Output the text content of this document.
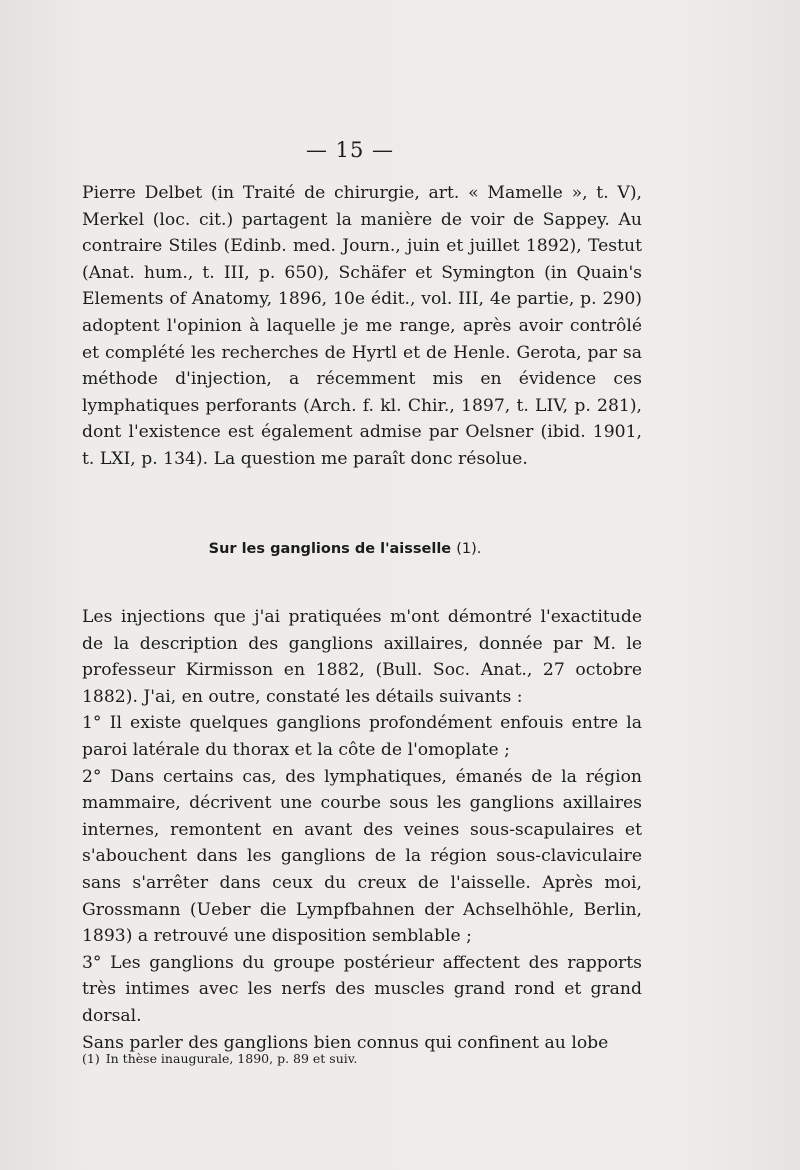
— 15 —

Pierre Delbet (in Traité de chirurgie, art. « Mamelle », t. V), Merkel (loc. cit.) partagent la manière de voir de Sappey. Au contraire Stiles (Edinb. med. Journ., juin et juillet 1892), Testut (Anat. hum., t. III, p. 650), Schäfer et Symington (in Quain's Elements of Anatomy, 1896, 10e édit., vol. III, 4e partie, p. 290) adoptent l'opinion à laquelle je me range, après avoir contrôlé et complété les recherches de Hyrtl et de Henle. Gerota, par sa méthode d'injection, a récemment mis en évidence ces lymphatiques perforants (Arch. f. kl. Chir., 1897, t. LIV, p. 281), dont l'existence est également admise par Oelsner (ibid. 1901, t. LXI, p. 134). La question me paraît donc résolue.

Sur les ganglions de l'aisselle (1).

Les injections que j'ai pratiquées m'ont démontré l'exactitude de la description des ganglions axillaires, donnée par M. le professeur Kirmisson en 1882, (Bull. Soc. Anat., 27 octobre 1882). J'ai, en outre, constaté les détails suivants :

1° Il existe quelques ganglions profondément enfouis entre la paroi latérale du thorax et la côte de l'omoplate ;

2° Dans certains cas, des lymphatiques, émanés de la région mammaire, décrivent une courbe sous les ganglions axillaires internes, remontent en avant des veines sous-scapulaires et s'abouchent dans les ganglions de la région sous-claviculaire sans s'arrêter dans ceux du creux de l'aisselle. Après moi, Grossmann (Ueber die Lympfbahnen der Achselhöhle, Berlin, 1893) a retrouvé une disposition semblable ;

3° Les ganglions du groupe postérieur affectent des rapports très intimes avec les nerfs des muscles grand rond et grand dorsal.

Sans parler des ganglions bien connus qui confinent au lobe

(1) In thèse inaugurale, 1890, p. 89 et suiv.
